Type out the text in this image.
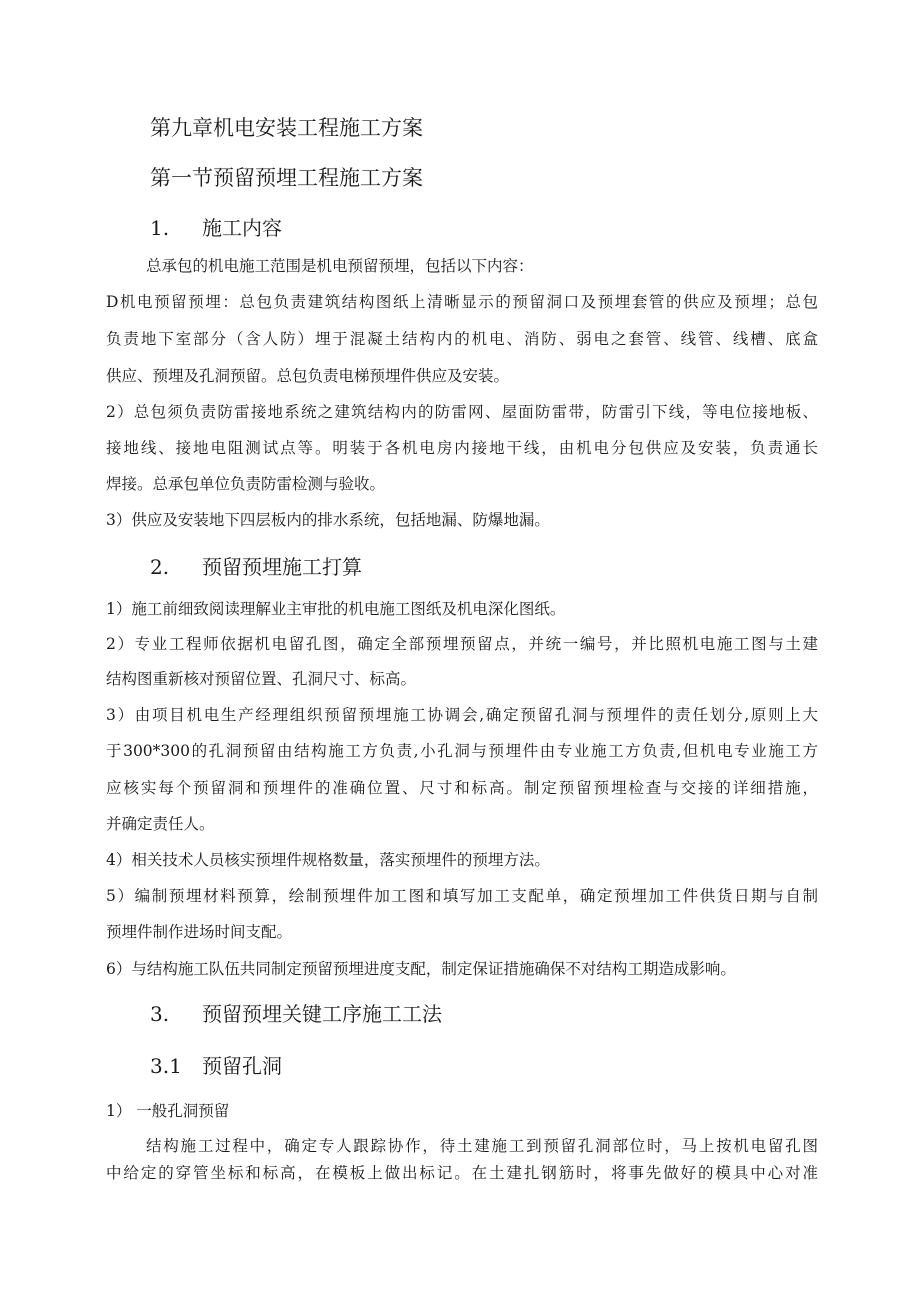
第九章机电安装工程施工方案
第一节预留预埋工程施工方案
1. 施工内容
总承包的机电施工范围是机电预留预埋，包括以下内容：
D机电预留预埋：总包负责建筑结构图纸上清晰显示的预留洞口及预埋套管的供应及预埋；总包
负责地下室部分（含人防）埋于混凝土结构内的机电、消防、弱电之套管、线管、线槽、底盒
供应、预埋及孔洞预留。总包负责电梯预埋件供应及安装。
2）总包须负责防雷接地系统之建筑结构内的防雷网、屋面防雷带，防雷引下线，等电位接地板、
接地线、接地电阻测试点等。明装于各机电房内接地干线，由机电分包供应及安装，负责通长
焊接。总承包单位负责防雷检测与验收。
3）供应及安装地下四层板内的排水系统，包括地漏、防爆地漏。
2. 预留预埋施工打算
1）施工前细致阅读理解业主审批的机电施工图纸及机电深化图纸。
2）专业工程师依据机电留孔图，确定全部预埋预留点，并统一编号，并比照机电施工图与土建
结构图重新核对预留位置、孔洞尺寸、标高。
3）由项目机电生产经理组织预留预埋施工协调会,确定预留孔洞与预埋件的责任划分,原则上大
于300*300的孔洞预留由结构施工方负责,小孔洞与预埋件由专业施工方负责,但机电专业施工方
应核实每个预留洞和预埋件的准确位置、尺寸和标高。制定预留预埋检查与交接的详细措施，
并确定责任人。
4）相关技术人员核实预埋件规格数量，落实预埋件的预埋方法。
5）编制预埋材料预算，绘制预埋件加工图和填写加工支配单，确定预埋加工件供货日期与自制
预埋件制作进场时间支配。
6）与结构施工队伍共同制定预留预埋进度支配，制定保证措施确保不对结构工期造成影响。
3. 预留预埋关键工序施工工法
3.1 预留孔洞
1） 一般孔洞预留
结构施工过程中，确定专人跟踪协作，待土建施工到预留孔洞部位时，马上按机电留孔图
中给定的穿管坐标和标高，在模板上做出标记。在土建扎钢筋时，将事先做好的模具中心对准
